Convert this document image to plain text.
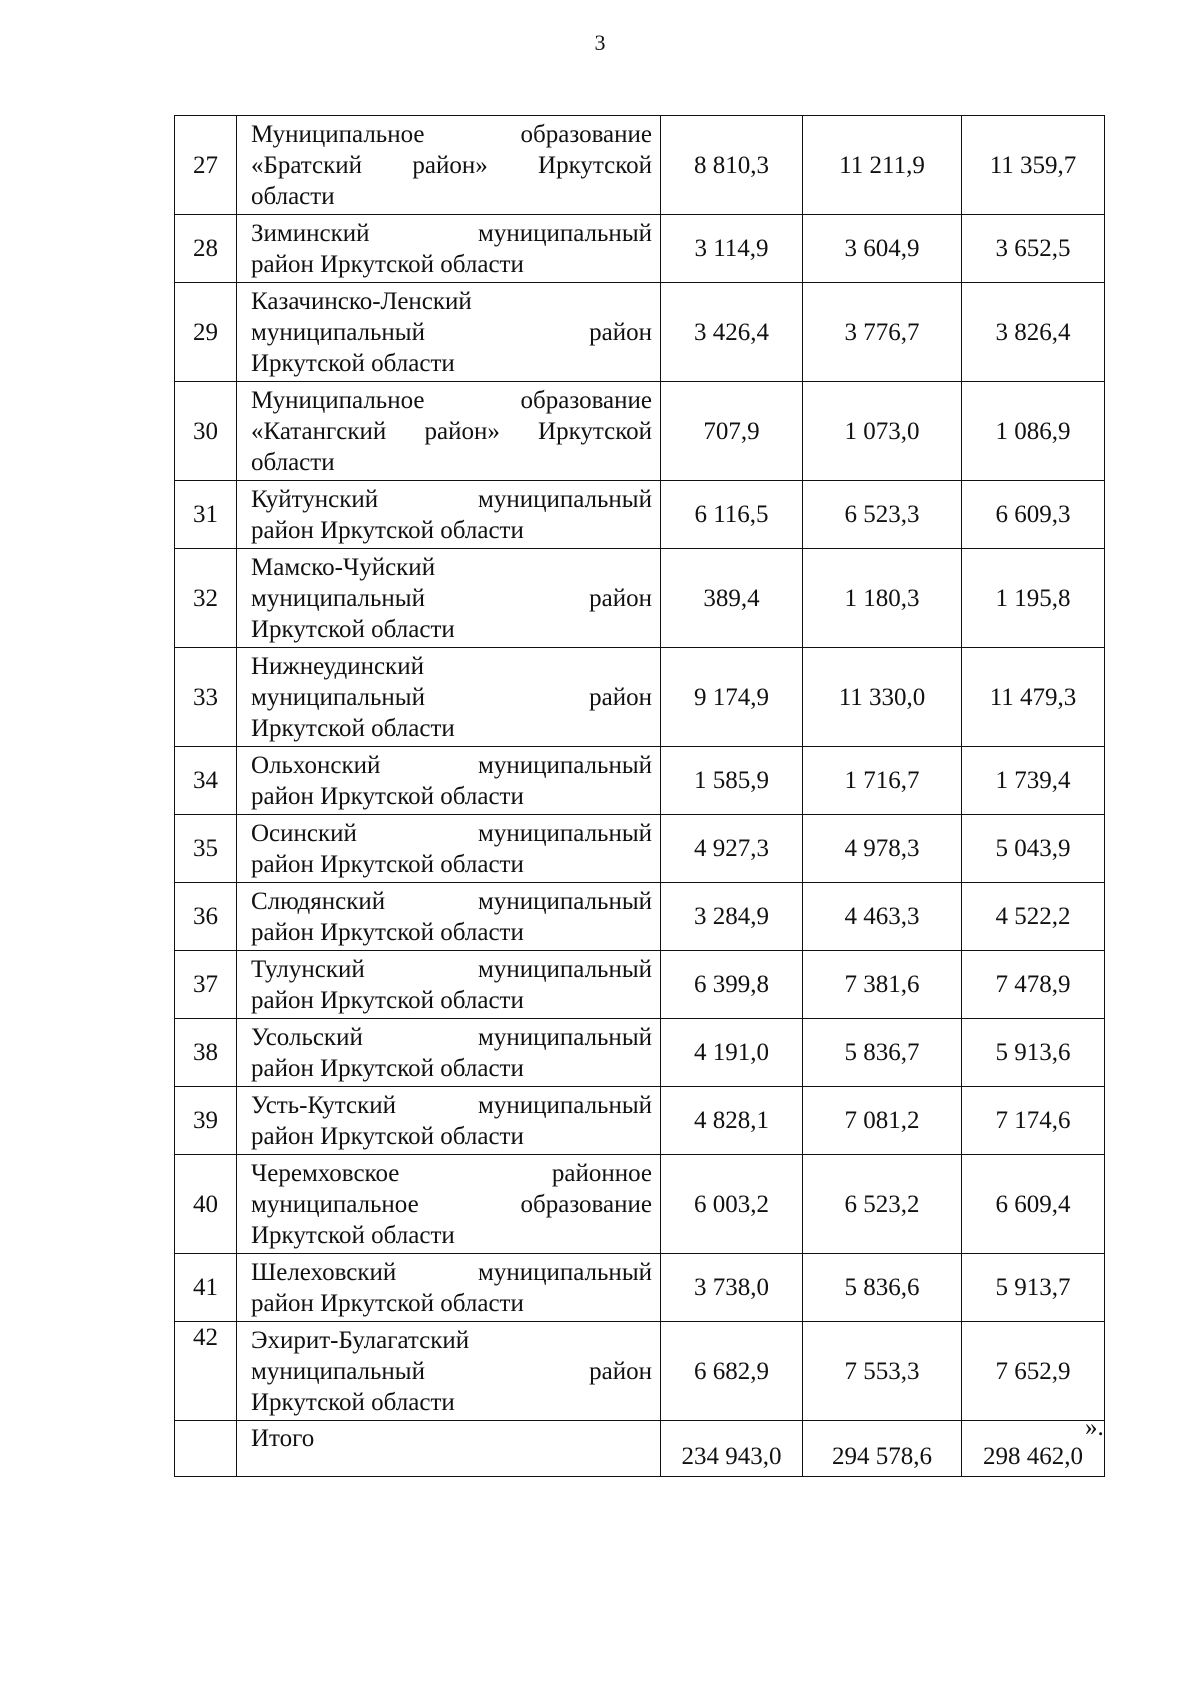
3
27	Муниципальное образование
«Братский район» Иркутской
области	8 810,3	11 211,9	11 359,7
28	Зиминский муниципальный
район Иркутской области	3 114,9	3 604,9	3 652,5
29	Казачинско-Ленский
муниципальный район
Иркутской области	3 426,4	3 776,7	3 826,4
30	Муниципальное образование
«Катангский район» Иркутской
области	707,9	1 073,0	1 086,9
31	Куйтунский муниципальный
район Иркутской области	6 116,5	6 523,3	6 609,3
32	Мамско-Чуйский
муниципальный район
Иркутской области	389,4	1 180,3	1 195,8
33	Нижнеудинский
муниципальный район
Иркутской области	9 174,9	11 330,0	11 479,3
34	Ольхонский муниципальный
район Иркутской области	1 585,9	1 716,7	1 739,4
35	Осинский муниципальный
район Иркутской области	4 927,3	4 978,3	5 043,9
36	Слюдянский муниципальный
район Иркутской области	3 284,9	4 463,3	4 522,2
37	Тулунский муниципальный
район Иркутской области	6 399,8	7 381,6	7 478,9
38	Усольский муниципальный
район Иркутской области	4 191,0	5 836,7	5 913,6
39	Усть-Кутский муниципальный
район Иркутской области	4 828,1	7 081,2	7 174,6
40	Черемховское районное
муниципальное образование
Иркутской области	6 003,2	6 523,2	6 609,4
41	Шелеховский муниципальный
район Иркутской области	3 738,0	5 836,6	5 913,7
42	Эхирит-Булагатский
муниципальный район
Иркутской области	6 682,9	7 553,3	7 652,9
	Итого	234 943,0	294 578,6	298 462,0
».
